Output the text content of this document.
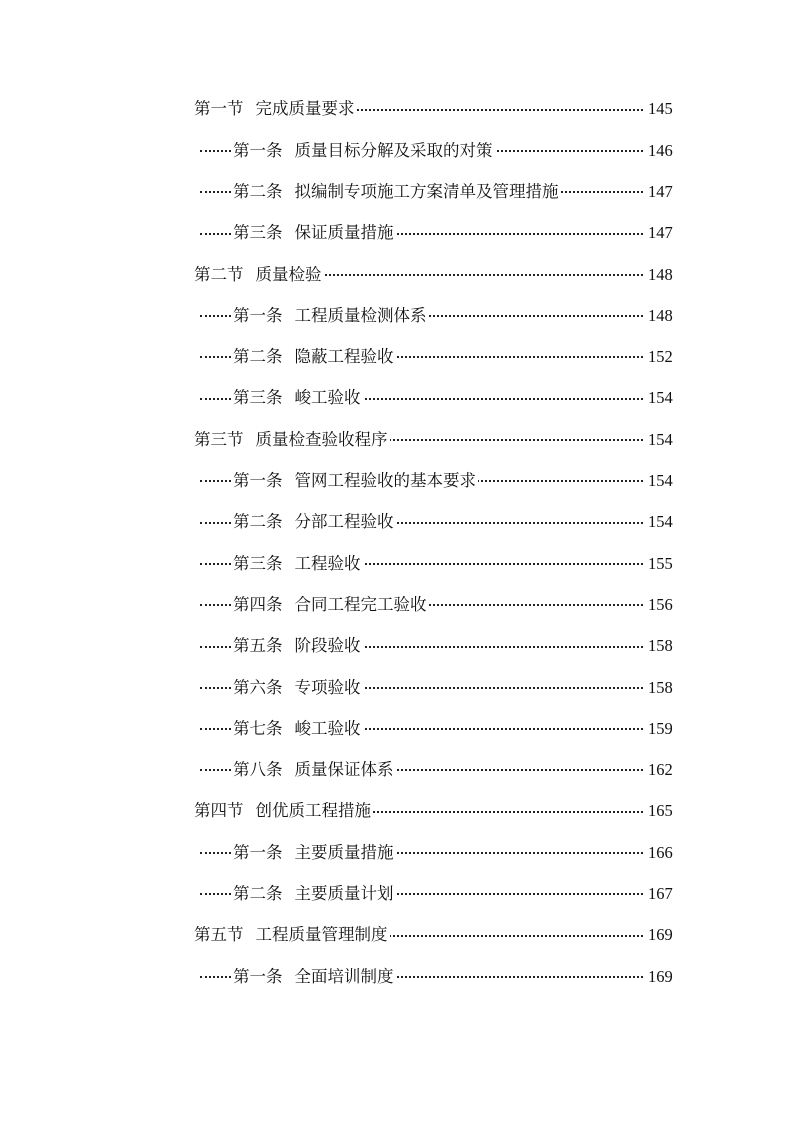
第一节 完成质量要求	145
第一条 质量目标分解及采取的对策	146
第二条 拟编制专项施工方案清单及管理措施	147
第三条 保证质量措施	147
第二节 质量检验	148
第一条 工程质量检测体系	148
第二条 隐蔽工程验收	152
第三条 峻工验收	154
第三节 质量检查验收程序	154
第一条 管网工程验收的基本要求	154
第二条 分部工程验收	154
第三条 工程验收	155
第四条 合同工程完工验收	156
第五条 阶段验收	158
第六条 专项验收	158
第七条 峻工验收	159
第八条 质量保证体系	162
第四节 创优质工程措施	165
第一条 主要质量措施	166
第二条 主要质量计划	167
第五节 工程质量管理制度	169
第一条 全面培训制度	169
